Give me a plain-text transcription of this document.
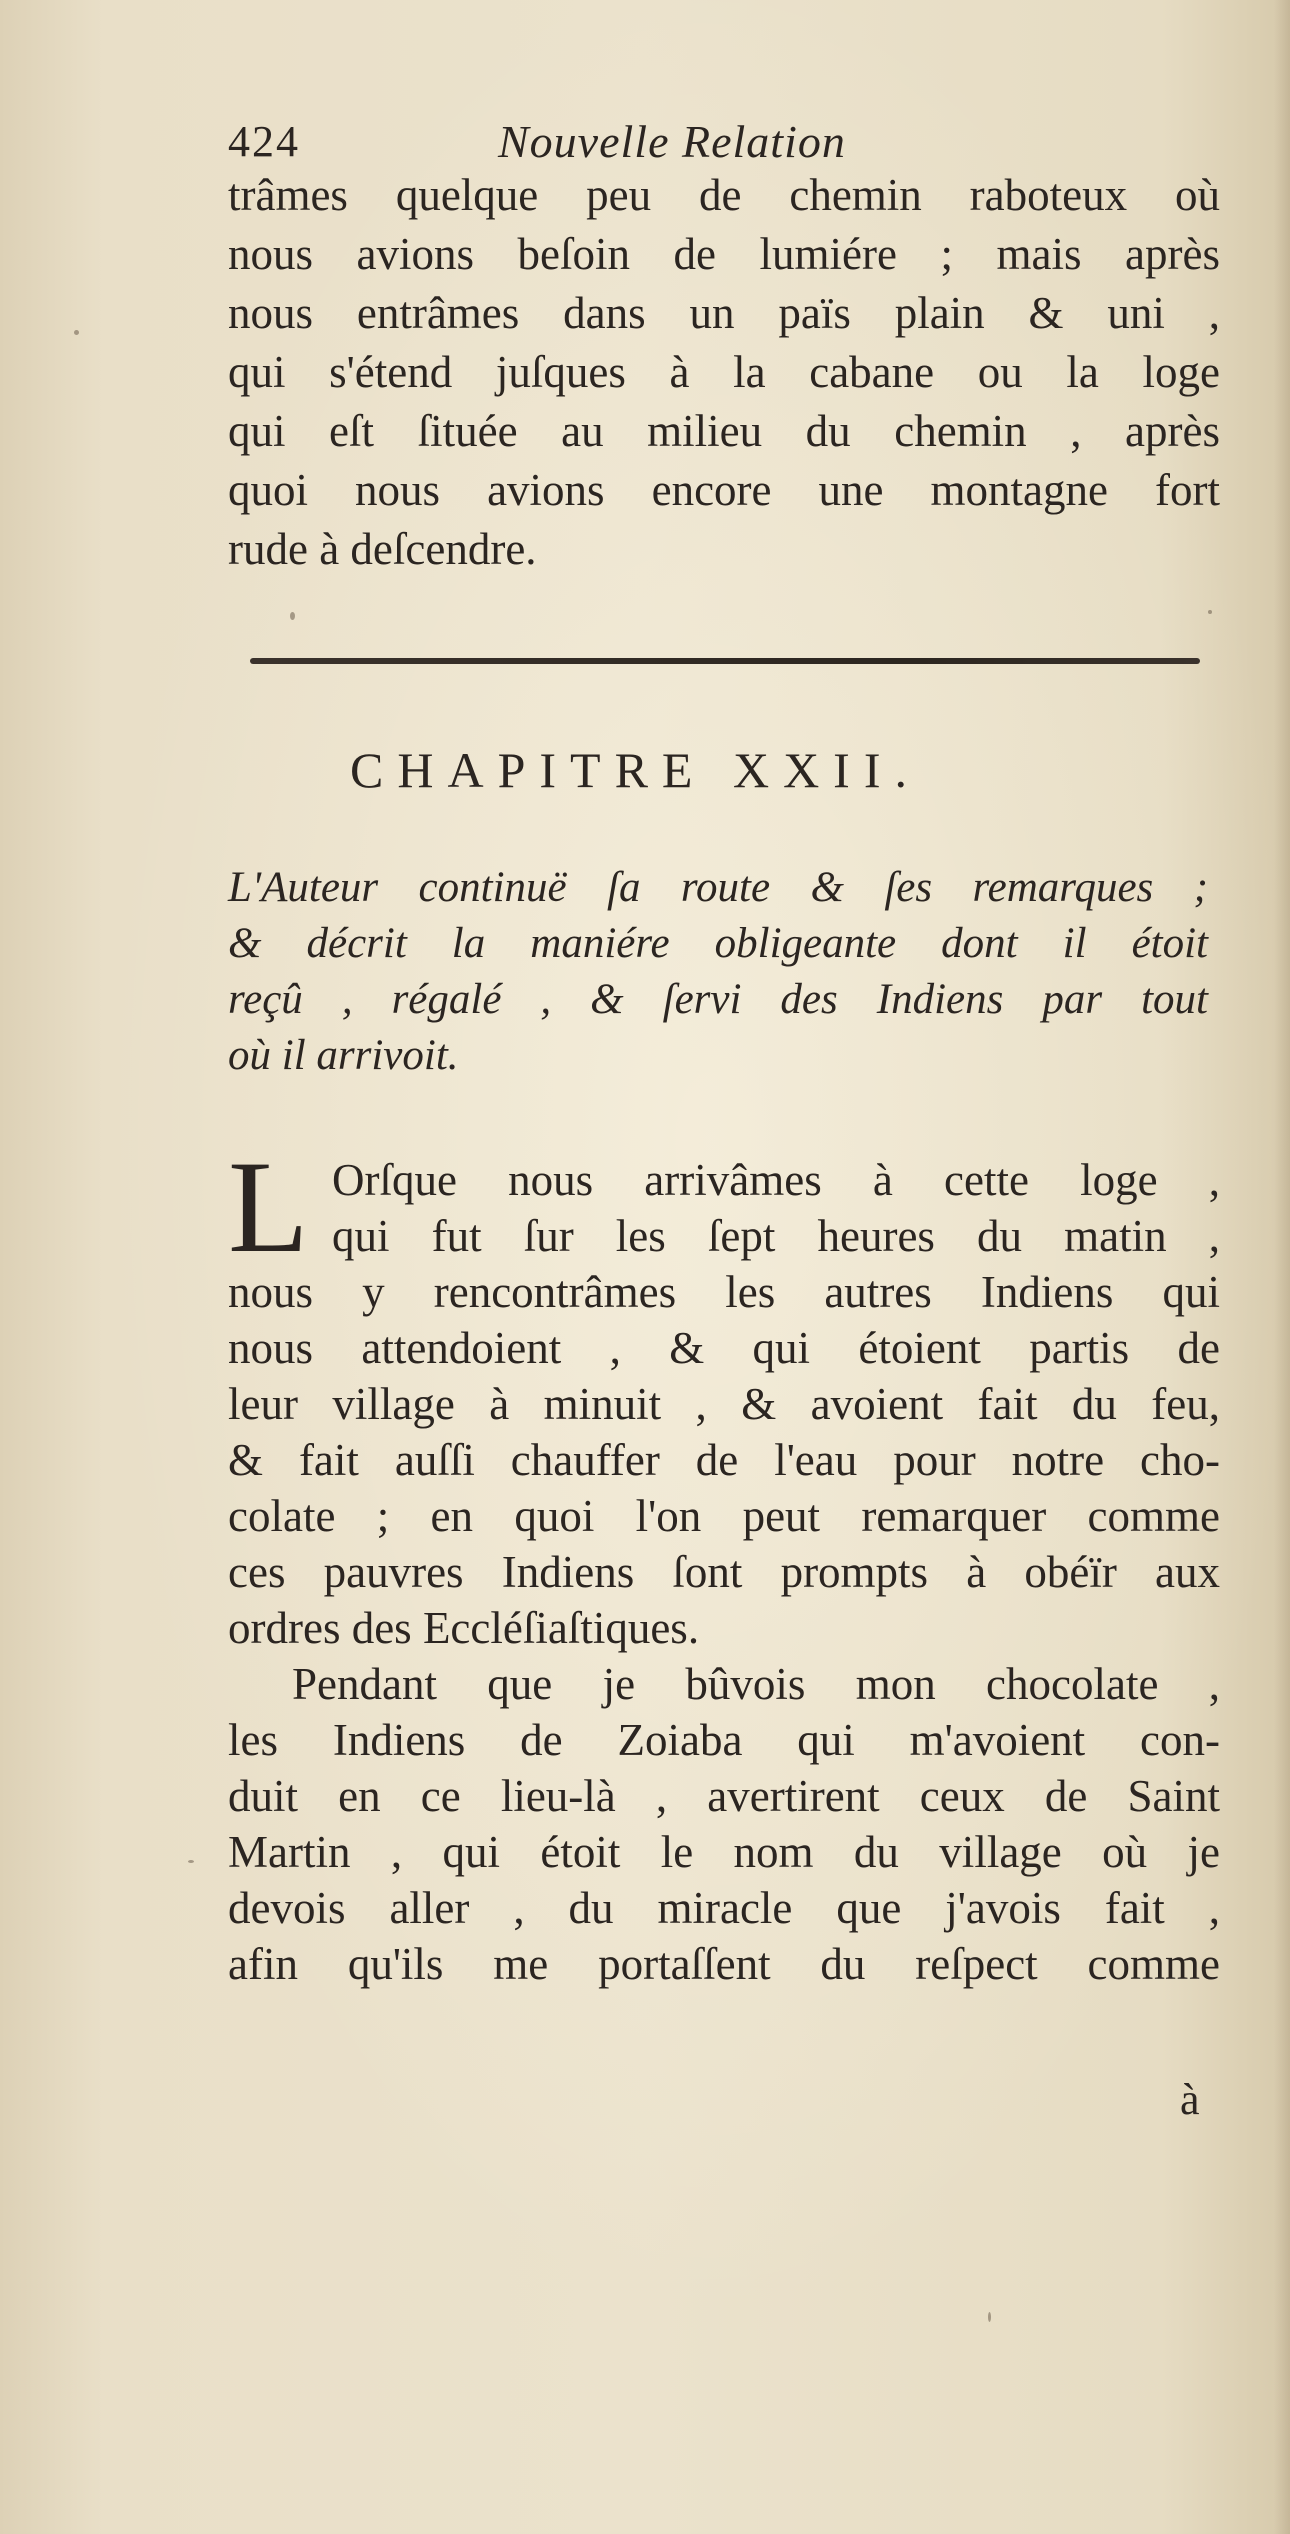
424	Nouvelle Relation
trâmes quelque peu de chemin raboteux où
nous avions beſoin de lumiére ; mais après
nous entrâmes dans un païs plain & uni ,
qui s'étend juſques à la cabane ou la loge
qui eſt ſituée au milieu du chemin , après
quoi nous avions encore une montagne fort
rude à deſcendre.
CHAPITRE XXII.
L'Auteur continuë ſa route & ſes remarques ;
& décrit la maniére obligeante dont il étoit
reçû , régalé , & ſervi des Indiens par tout
où il arrivoit.
L Orſque nous arrivâmes à cette loge ,
qui fut ſur les ſept heures du matin ,
nous y rencontrâmes les autres Indiens qui
nous attendoient , & qui étoient partis de
leur village à minuit , & avoient fait du feu,
& fait auſſi chauffer de l'eau pour notre cho-
colate ; en quoi l'on peut remarquer comme
ces pauvres Indiens ſont prompts à obéïr aux
ordres des Eccléſiaſtiques.
Pendant que je bûvois mon chocolate ,
les Indiens de Zoiaba qui m'avoient con-
duit en ce lieu-là , avertirent ceux de Saint
Martin , qui étoit le nom du village où je
devois aller , du miracle que j'avois fait ,
afin qu'ils me portaſſent du reſpect comme
à
